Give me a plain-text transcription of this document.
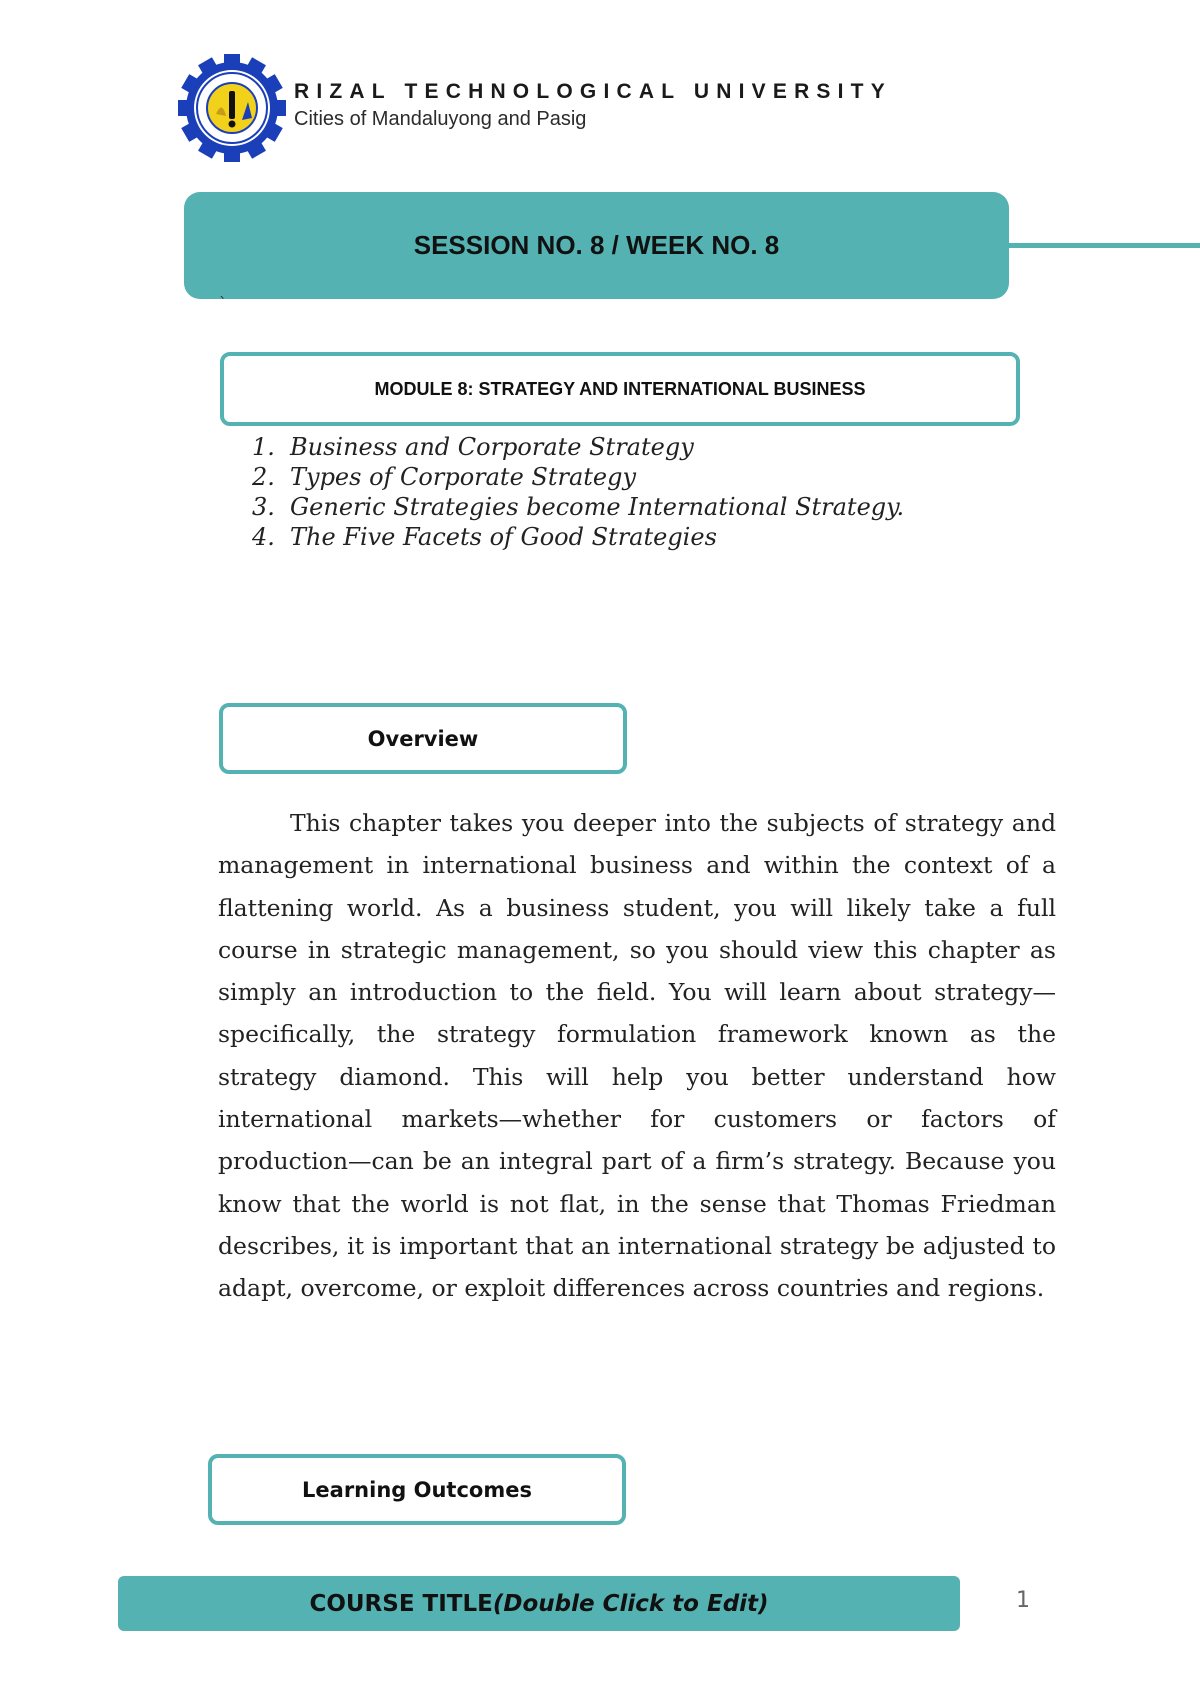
RIZAL TECHNOLOGICAL UNIVERSITY
Cities of Mandaluyong and Pasig
SESSION NO. 8 / WEEK NO. 8
`
MODULE 8: STRATEGY AND INTERNATIONAL BUSINESS
1. Business and Corporate Strategy
2. Types of Corporate Strategy
3. Generic Strategies become International Strategy.
4. The Five Facets of Good Strategies
Overview

This chapter takes you deeper into the subjects of strategy and management in international business and within the context of a flattening world. As a business student, you will likely take a full course in strategic management, so you should view this chapter as simply an introduction to the field. You will learn about strategy—specifically, the strategy formulation framework known as the strategy diamond. This will help you better understand how international markets—whether for customers or factors of production—can be an integral part of a firm’s strategy. Because you know that the world is not flat, in the sense that Thomas Friedman describes, it is important that an international strategy be adjusted to adapt, overcome, or exploit differences across countries and regions.

Learning Outcomes
COURSE TITLE(Double Click to Edit)	1
